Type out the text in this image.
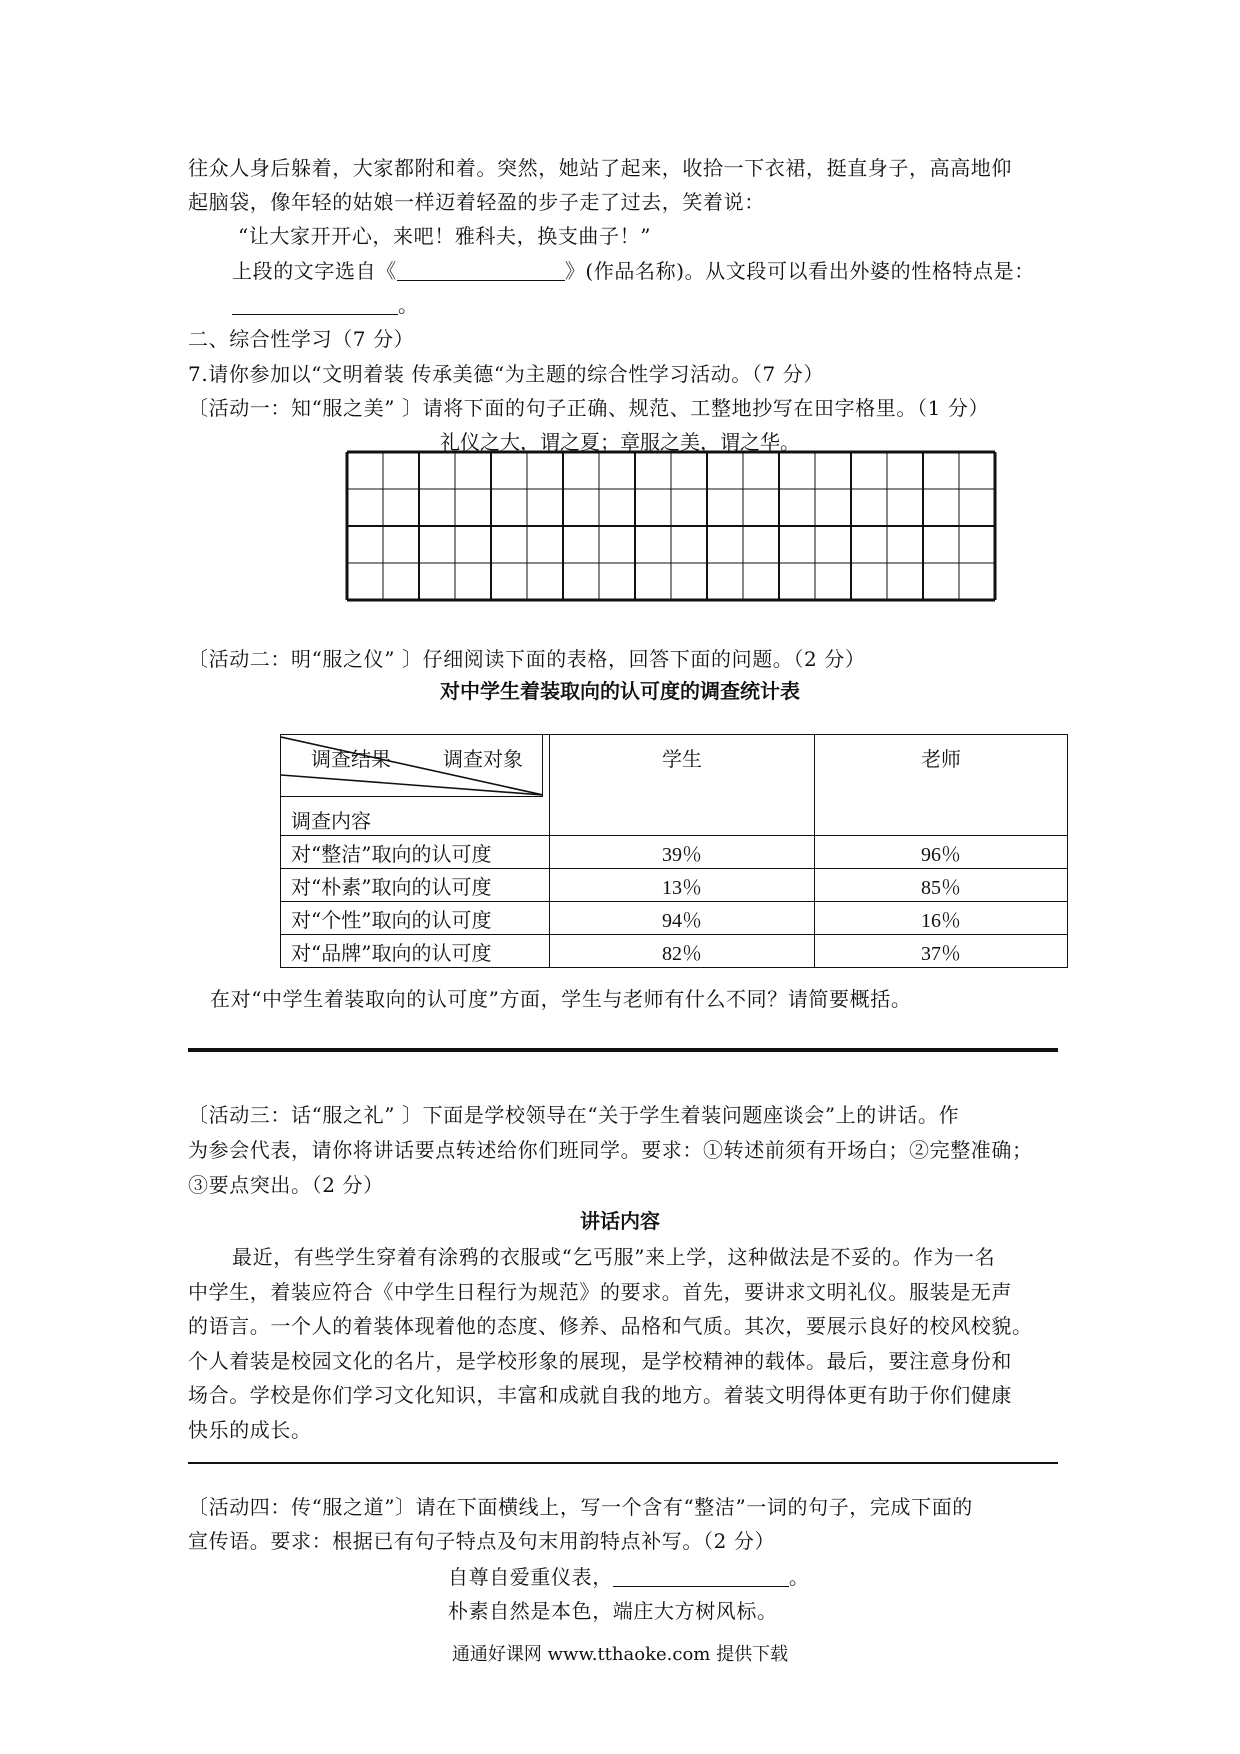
往众人身后躲着，大家都附和着。突然，她站了起来，收拾一下衣裙，挺直身子，高高地仰
起脑袋，像年轻的姑娘一样迈着轻盈的步子走了过去，笑着说：
“让大家开开心，来吧！雅科夫，换支曲子！”
上段的文字选自《	》(作品名称)。从文段可以看出外婆的性格特点是：
。
二、综合性学习（7 分）
7.请你参加以“文明着装 传承美德“为主题的综合性学习活动。（7 分）
〔活动一：知“服之美” 〕请将下面的句子正确、规范、工整地抄写在田字格里。（1 分）
礼仪之大，谓之夏；章服之美，谓之华。
〔活动二：明“服之仪” 〕仔细阅读下面的表格，回答下面的问题。（2 分）
对中学生着装取向的认可度的调查统计表
调查结果 调查对象
调查内容	学生	老师
对“整洁”取向的认可度	39％	96％
对“朴素”取向的认可度	13％	85％
对“个性”取向的认可度	94％	16％
对“品牌”取向的认可度	82％	37％
在对“中学生着装取向的认可度”方面，学生与老师有什么不同？请简要概括。
〔活动三：话“服之礼” 〕下面是学校领导在“关于学生着装问题座谈会”上的讲话。作
为参会代表，请你将讲话要点转述给你们班同学。要求：①转述前须有开场白；②完整准确；
③要点突出。（2 分）
讲话内容
最近，有些学生穿着有涂鸦的衣服或“乞丐服”来上学，这种做法是不妥的。作为一名
中学生，着装应符合《中学生日程行为规范》的要求。首先，要讲求文明礼仪。服装是无声
的语言。一个人的着装体现着他的态度、修养、品格和气质。其次，要展示良好的校风校貌。
个人着装是校园文化的名片，是学校形象的展现，是学校精神的载体。最后，要注意身份和
场合。学校是你们学习文化知识，丰富和成就自我的地方。着装文明得体更有助于你们健康
快乐的成长。
〔活动四：传“服之道”〕请在下面横线上，写一个含有“整洁”一词的句子，完成下面的
宣传语。要求：根据已有句子特点及句末用韵特点补写。（2 分）
自尊自爱重仪表，	。
朴素自然是本色，端庄大方树风标。
通通好课网 www.tthaoke.com 提供下载
